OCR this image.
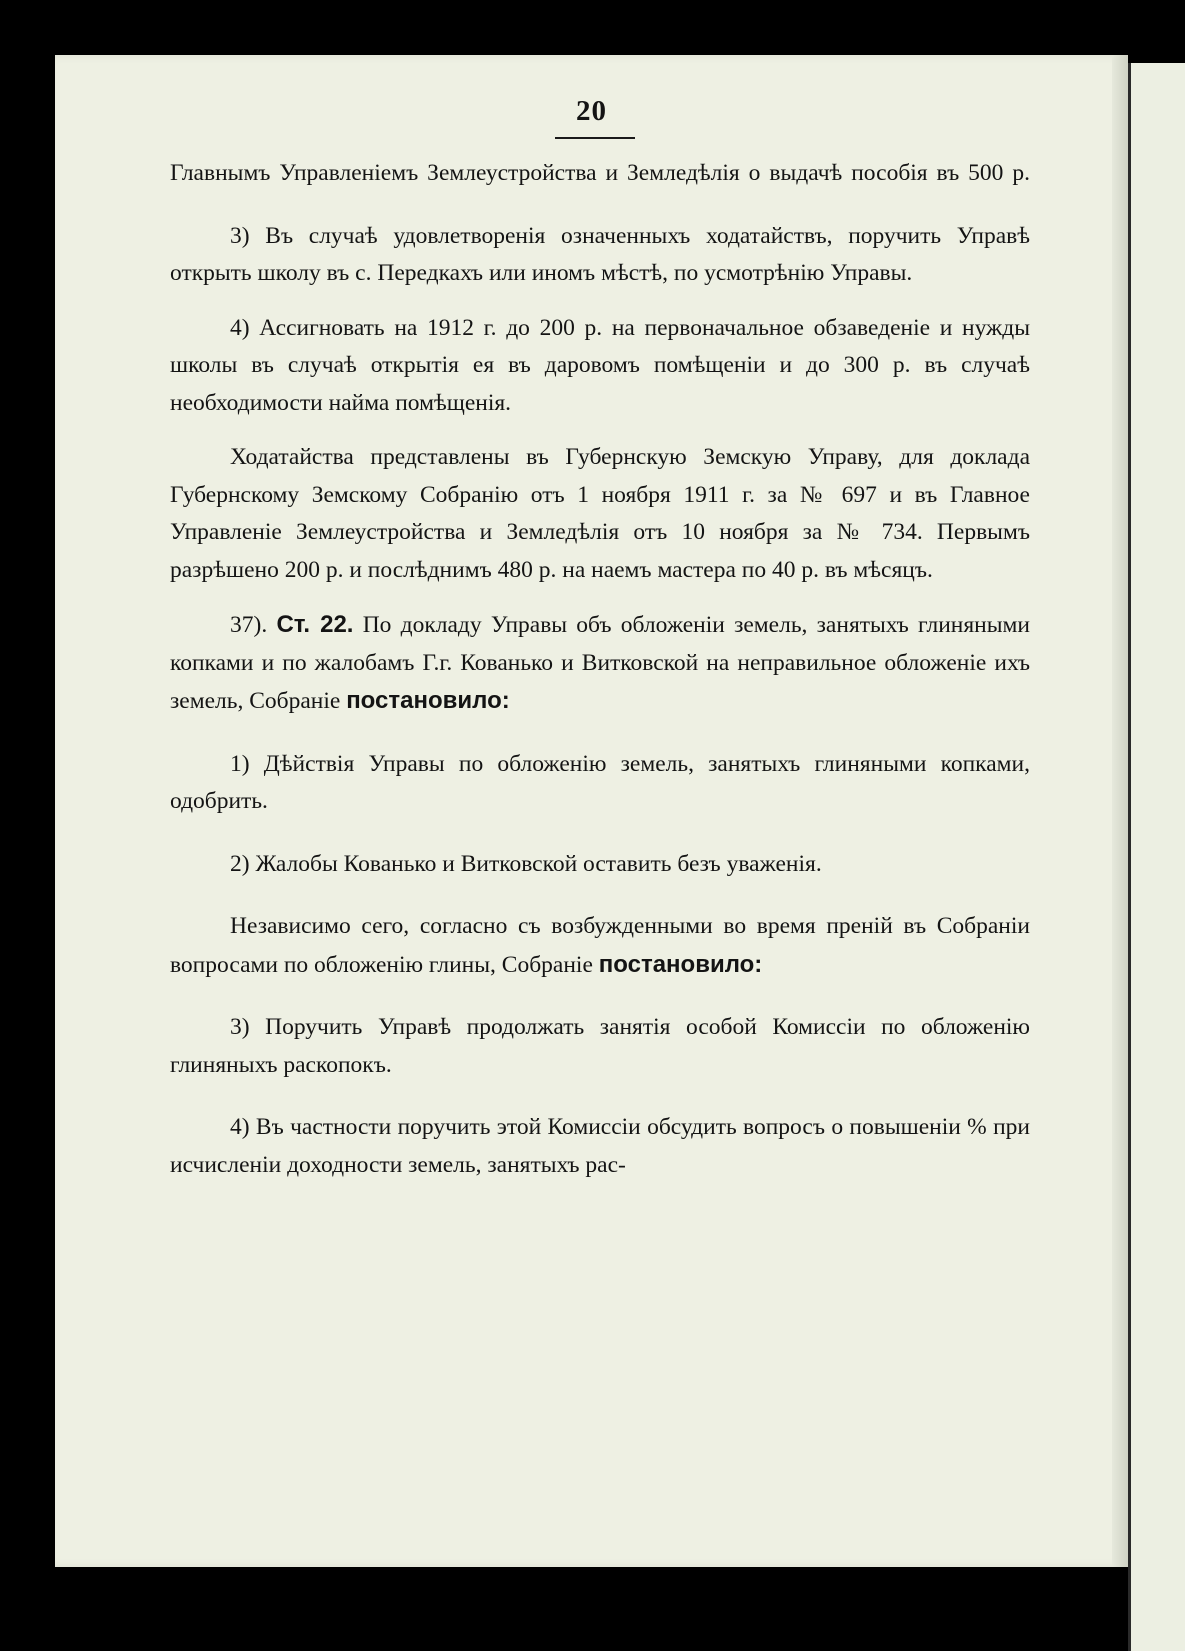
20

Главнымъ Управленіемъ Землеустройства и Земледѣлія о выдачѣ пособія въ 500 р.

3) Въ случаѣ удовлетворенія означенныхъ ходатайствъ, поручить Управѣ открыть школу въ с. Передкахъ или иномъ мѣстѣ, по усмотрѣнію Управы.

4) Ассигновать на 1912 г. до 200 р. на первоначальное обзаведеніе и нужды школы въ случаѣ открытія ея въ даровомъ помѣщеніи и до 300 р. въ случаѣ необходимости найма помѣщенія.

Ходатайства представлены въ Губернскую Земскую Управу, для доклада Губернскому Земскому Собранію отъ 1 ноября 1911 г. за № 697 и въ Главное Управленіе Землеустройства и Земледѣлія отъ 10 ноября за № 734. Первымъ разрѣшено 200 р. и послѣднимъ 480 р. на наемъ мастера по 40 р. въ мѣсяцъ.

37). Ст. 22. По докладу Управы объ обложеніи земель, занятыхъ глиняными копками и по жалобамъ Г.г. Кованько и Витковской на неправильное обложеніе ихъ земель, Собраніе постановило:

1) Дѣйствія Управы по обложенію земель, занятыхъ глиняными копками, одобрить.

2) Жалобы Кованько и Витковской оставить безъ уваженія.

Независимо сего, согласно съ возбужденными во время преній въ Собраніи вопросами по обложенію глины, Собраніе постановило:

3) Поручить Управѣ продолжать занятія особой Комиссіи по обложенію глиняныхъ раскопокъ.

4) Въ частности поручить этой Комиссіи обсудить вопросъ о повышеніи % при исчисленіи доходности земель, занятыхъ рас-
